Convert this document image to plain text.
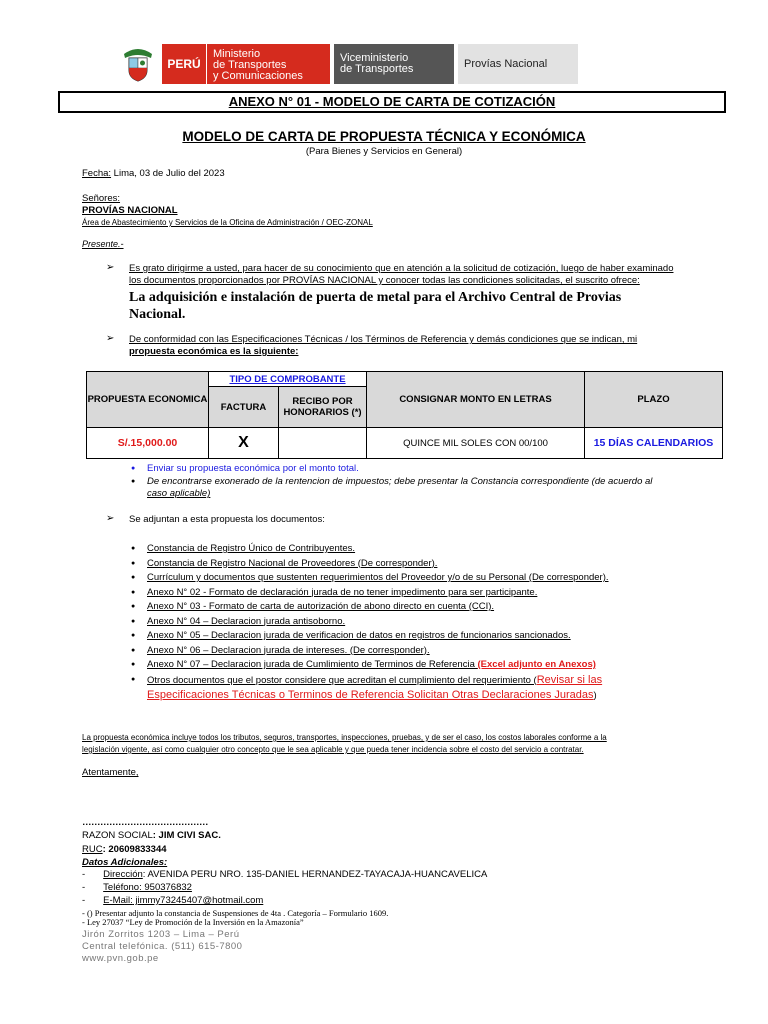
PERÚ
Ministerio
de Transportes
y Comunicaciones
Viceministerio
de Transportes	Provías Nacional
ANEXO N° 01 - MODELO DE CARTA DE COTIZACIÓN
MODELO DE CARTA DE PROPUESTA TÉCNICA Y ECONÓMICA
(Para Bienes y Servicios en General)
Fecha: Lima, 03 de Julio del 2023
Señores:
PROVÍAS NACIONAL
Área de Abastecimiento y Servicios de la Oficina de Administración / OEC-ZONAL
Presente.-
➢ Es grato dirigirme a usted, para hacer de su conocimiento que en atención a la solicitud de cotización, luego de haber examinado
los documentos proporcionados por PROVÍAS NACIONAL y conocer todas las condiciones solicitadas, el suscrito ofrece:
La adquisición e instalación de puerta de metal para el Archivo Central de Provias
Nacional.
➢ De conformidad con las Especificaciones Técnicas / los Términos de Referencia y demás condiciones que se indican, mi
propuesta económica es la siguiente:
PROPUESTA ECONOMICA	TIPO DE COMPROBANTE		CONSIGNAR MONTO EN LETRAS	PLAZO
	FACTURA	RECIBO POR HONORARIOS (*)		
S/.15,000.00	X		QUINCE MIL SOLES CON 00/100	15 DÍAS CALENDARIOS
● Enviar su propuesta económica por el monto total.
● De encontrarse exonerado de la rentencion de impuestos; debe presentar la Constancia correspondiente (de acuerdo al
caso aplicable)
➢ Se adjuntan a esta propuesta los documentos:
● Constancia de Registro Único de Contribuyentes.
● Constancia de Registro Nacional de Proveedores (De corresponder).
● Currículum y documentos que sustenten requerimientos del Proveedor y/o de su Personal (De corresponder).
● Anexo N° 02 - Formato de declaración jurada de no tener impedimento para ser participante.
● Anexo N° 03 - Formato de carta de autorización de abono directo en cuenta (CCI).
● Anexo N° 04 – Declaracion jurada antisoborno.
● Anexo N° 05 – Declaracion jurada de verificacion de datos en registros de funcionarios sancionados.
● Anexo N° 06 – Declaracion jurada de intereses. (De corresponder).
● Anexo N° 07 – Declaracion jurada de Cumlimiento de Terminos de Referencia (Excel adjunto en Anexos)
● Otros documentos que el postor considere que acreditan el cumplimiento del requerimiento (Revisar si las
Especificaciones Técnicas o Terminos de Referencia Solicitan Otras Declaraciones Juradas)
La propuesta económica incluye todos los tributos, seguros, transportes, inspecciones, pruebas, y de ser el caso, los costos laborales conforme a la
legislación vigente, así como cualquier otro concepto que le sea aplicable y que pueda tener incidencia sobre el costo del servicio a contratar.
Atentamente,
……………………………………
RAZON SOCIAL: JIM CIVI SAC.
RUC: 20609833344
Datos Adicionales:
- Dirección: AVENIDA PERU NRO. 135-DANIEL HERNANDEZ-TAYACAJA-HUANCAVELICA
- Teléfono: 950376832
- E-Mail: jimmy73245407@hotmail.com
- () Presentar adjunto la constancia de Suspensiones de 4ta . Categoría – Formulario 1609.
- Ley 27037 “Ley de Promoción de la Inversión en la Amazonía”
Jirón Zorritos 1203 – Lima – Perú
Central telefónica. (511) 615-7800
www.pvn.gob.pe
